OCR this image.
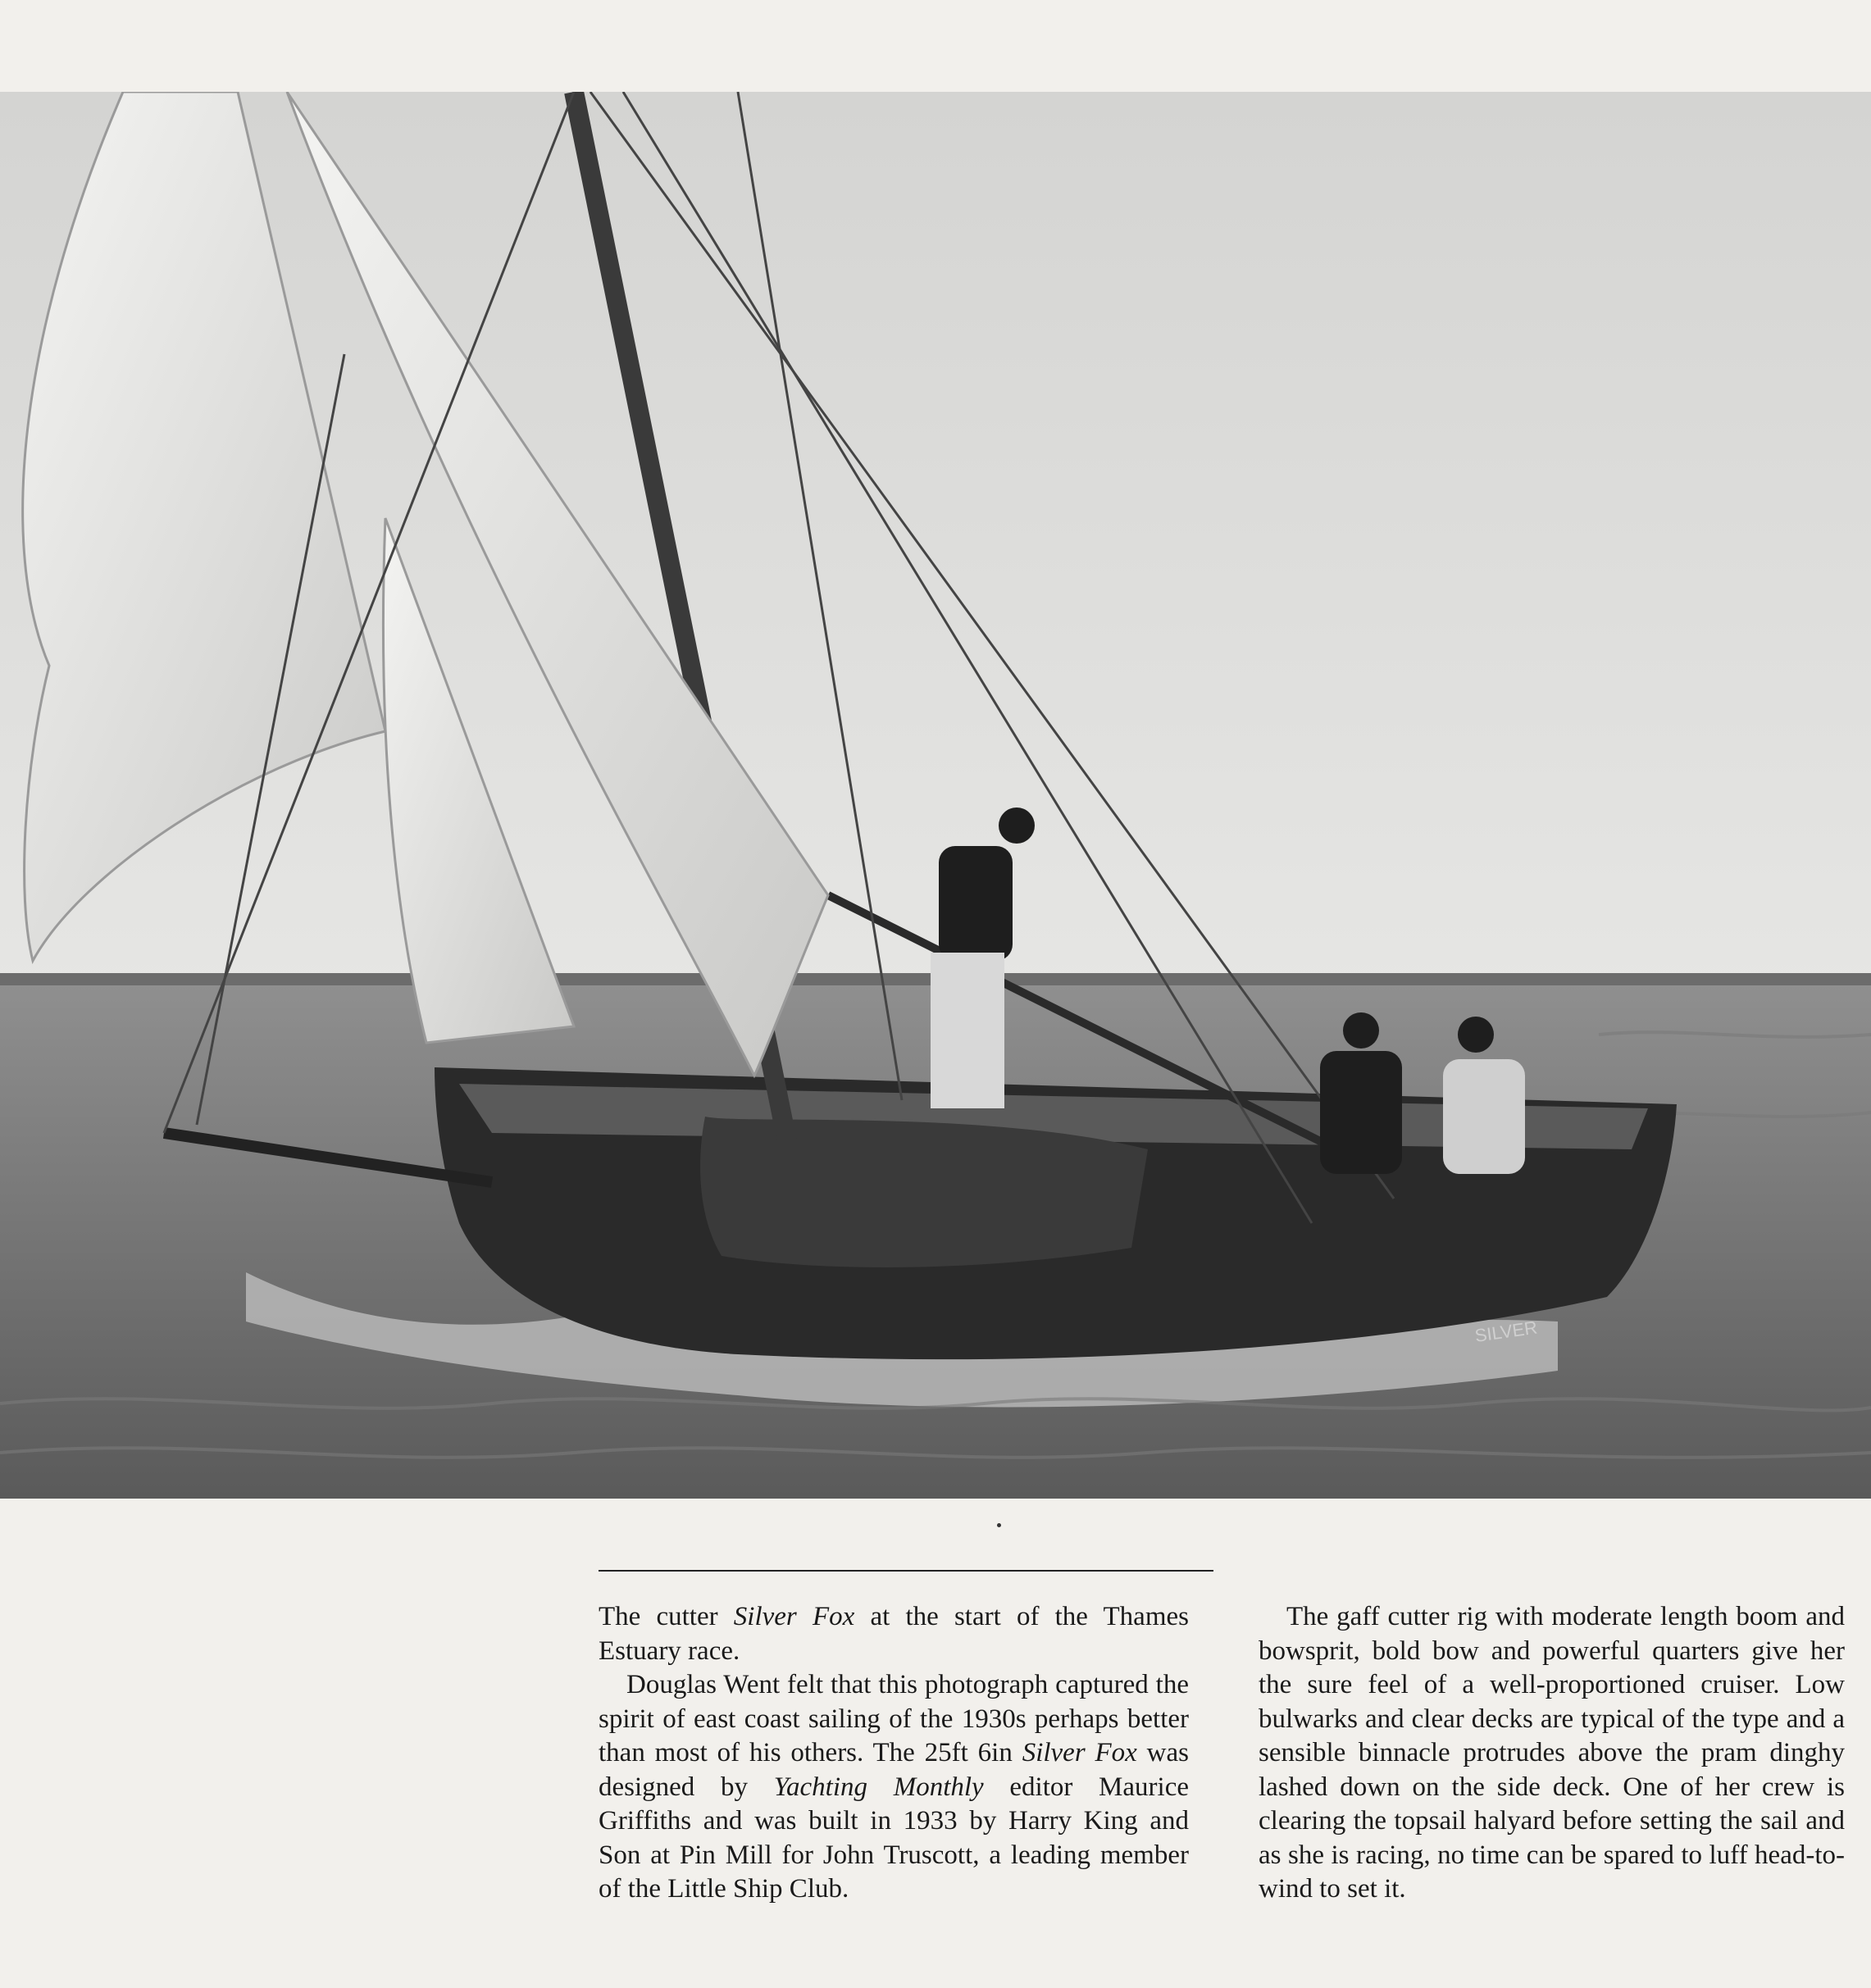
SILVER

The cutter Silver Fox at the start of the Thames Estuary race.

Douglas Went felt that this photograph captured the spirit of east coast sailing of the 1930s perhaps better than most of his others. The 25ft 6in Silver Fox was designed by Yachting Monthly editor Maurice Griffiths and was built in 1933 by Harry King and Son at Pin Mill for John Truscott, a leading member of the Little Ship Club.

The gaff cutter rig with moderate length boom and bowsprit, bold bow and powerful quarters give her the sure feel of a well-proportioned cruiser. Low bulwarks and clear decks are typical of the type and a sensible binnacle protrudes above the pram dinghy lashed down on the side deck. One of her crew is clearing the topsail halyard before setting the sail and as she is racing, no time can be spared to luff head-to-wind to set it.
